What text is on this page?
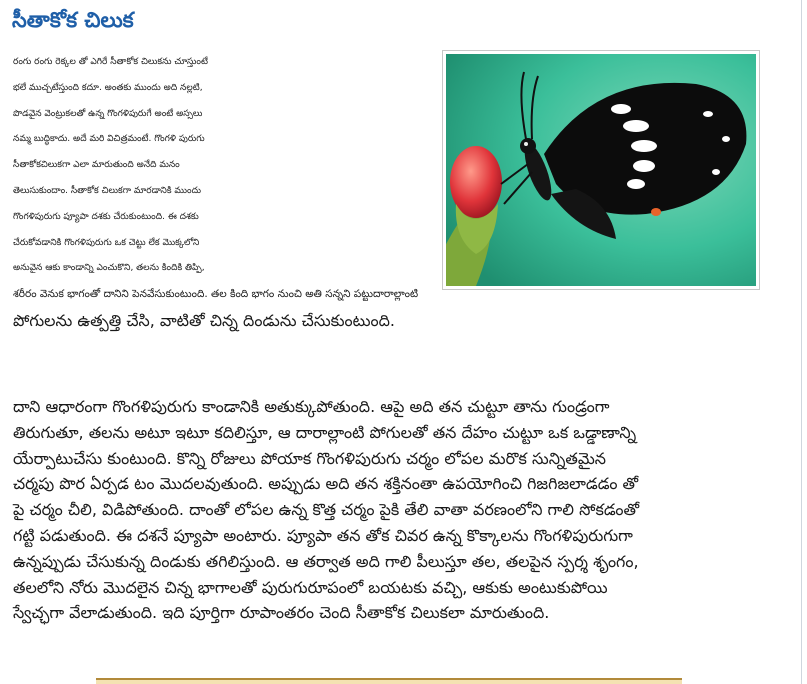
సీతాకోక చిలుక

రంగు రంగు రెక్కల తో ఎగిరే సీతాకోక చిలుకను చూస్తుంటే
భలే ముచ్చటేస్తుంది కదూ. అంతకు ముందు అది నల్లటి,
పొడవైన వెంట్రుకలతో ఉన్న గొంగళిపురుగే అంటే అస్సలు
నమ్మ బుద్ధికాదు. అదే మరి విచిత్రమంటే. గొంగళి పురుగు
సీతాకోకచిలుకగా ఎలా మారుతుంది అనేది మనం
తెలుసుకుందాం. సీతాకోక చిలుకగా మారడానికి ముందు
గొంగళిపురుగు ప్యూపా దశకు చేరుకుంటుంది. ఈ దశకు
చేరుకోవడానికి గొంగళిపురుగు ఒక చెట్టు లేక మొక్కలోని
అనువైన ఆకు కాండాన్ని ఎంచుకొని, తలను కిందికి తిప్పి,
శరీరం వెనుక భాగంతో దానిని పెనవేసుకుంటుంది. తల కింది భాగం నుంచి అతి సన్నని పట్టుదారాల్లాంటి
పోగులను ఉత్పత్తి చేసి, వాటితో చిన్న దిండును చేసుకుంటుంది.

దాని ఆధారంగా గొంగళిపురుగు కాండానికి అతుక్కుపోతుంది. ఆపై అది తన చుట్టూ తాను గుండ్రంగా
తిరుగుతూ, తలను అటూ ఇటూ కదిలిస్తూ, ఆ దారాల్లాంటి పోగులతో తన దేహం చుట్టూ ఒక ఒడ్డాణాన్ని
యేర్పాటుచేసు కుంటుంది. కొన్ని రోజులు పోయాక గొంగళిపురుగు చర్మం లోపల మరొక సున్నితమైన
చర్మపు పొర ఏర్పడ టం మొదలవుతుంది. అప్పుడు అది తన శక్తినంతా ఉపయోగించి గిజగిజలాడడం తో
పై చర్మం చీలి, విడిపోతుంది. దాంతో లోపల ఉన్న కొత్త చర్మం పైకి తేలి వాతా వరణంలోని గాలి సోకడంతో
గట్టి పడుతుంది. ఈ దశనే ప్యూపా అంటారు. ప్యూపా తన తోక చివర ఉన్న కొక్కాలను గొంగళిపురుగుగా
ఉన్నప్పుడు చేసుకున్న దిండుకు తగిలిస్తుంది. ఆ తర్వాత అది గాలి పీలుస్తూ తల, తలపైన స్పర్శ శృంగం,
తలలోని నోరు మొదలైన చిన్న భాగాలతో పురుగురూపంలో బయటకు వచ్చి, ఆకుకు అంటుకుపోయి
స్వేచ్ఛగా వేలాడుతుంది. ఇది పూర్తిగా రూపాంతరం చెంది సీతాకోక చిలుకలా మారుతుంది.
